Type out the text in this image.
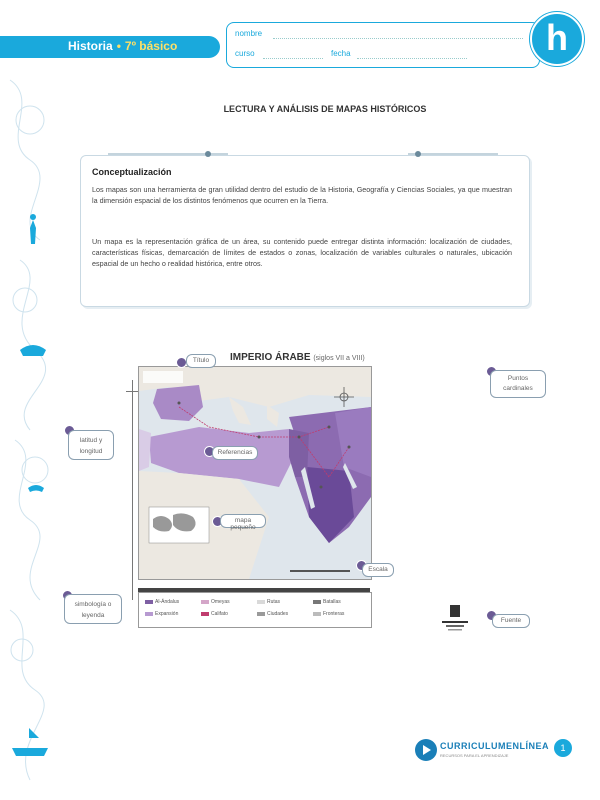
Historia • 7º básico
nombre
curso	fecha	h
LECTURA Y ANÁLISIS DE MAPAS HISTÓRICOS
Conceptualización
Los mapas son una herramienta de gran utilidad dentro del estudio de la Historia, Geografía y Ciencias Sociales, ya que muestran la dimensión espacial de los distintos fenómenos que ocurren en la Tierra.
Un mapa es la representación gráfica de un área, su contenido puede entregar distinta información: localización de ciudades, características físicas, demarcación de límites de estados o zonas, localización de variables culturales o naturales, ubicación espacial de un hecho o realidad histórica, entre otros.
IMPERIO ÁRABE (siglos VII a VIII)
Título
latitud y longitud	Referencias
mapa pequeño
Puntos cardinales
Escala
simbología o leyenda
Fuente
Al-Ándalus
Expansión
Omeyas
Califato
Rutas
Ciudades
Batallas
Fronteras
CURRICULUMENLÍNEA
RECURSOS PARA EL APRENDIZAJE
1
